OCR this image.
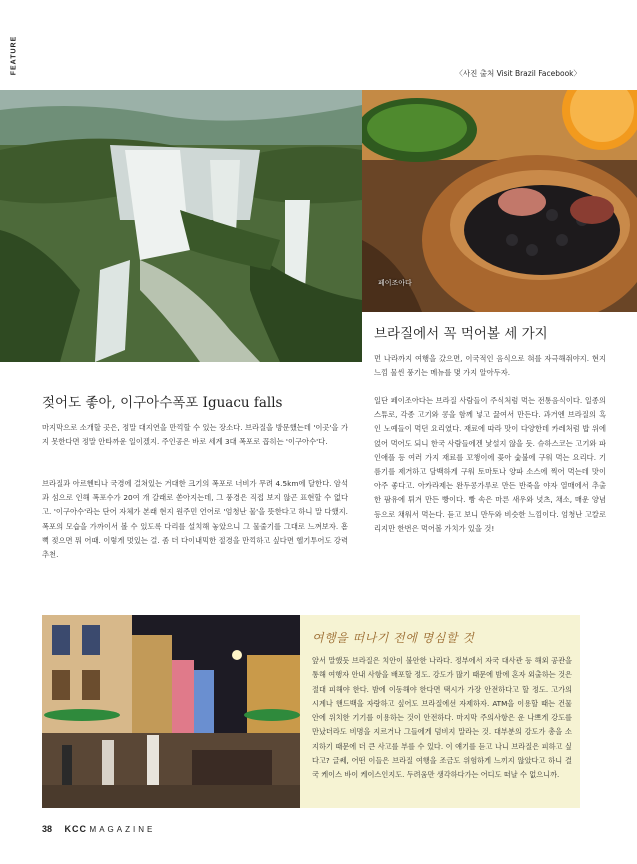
FEATURE	〈사진 출처 Visit Brazil Facebook〉
페이조아다
브라질에서 꼭 먹어볼 세 가지
먼 나라까지 여행을 갔으면, 이국적인 음식으로 혀를 자극해줘야지. 현지 느낌 물씬 풍기는 메뉴를 몇 가지 알아두자.
일단 페이조아다는 브라질 사람들이 주식처럼 먹는 전통음식이다. 일종의 스튜로, 각종 고기와 콩을 함께 넣고 끓여서 만든다. 과거엔 브라질의 흑인 노예들이 먹던 요리였다. 재료에 따라 맛이 다양한데 카레처럼 밥 위에 얹어 먹어도 되니 한국 사람들에겐 낯설지 않을 듯. 슈하스코는 고기와 파인애플 등 여러 가지 재료를 꼬챙이에 꽂아 숯불에 구워 먹는 요리다. 기름기를 제거하고 담백하게 구워 토마토나 양파 소스에 찍어 먹는데 맛이 아주 좋다고. 아카라제는 완두콩가루로 만든 반죽을 야자 열매에서 추출한 팜유에 튀겨 만든 빵이다. 빵 속은 마른 새우와 넛츠, 채소, 매운 양념 등으로 채워서 먹는다. 듣고 보니 만두와 비슷한 느낌이다. 엄청난 고칼로리지만 한번은 먹어볼 가치가 있을 것!
젖어도 좋아, 이구아수폭포 Iguacu falls
마지막으로 소개할 곳은, 정말 대지연을 만끽할 수 있는 장소다. 브라질을 방문했는데 '이곳'을 가지 못한다면 정말 안타까운 일이겠지. 주인공은 바로 세계 3대 폭포로 꼽히는 '이구아수'다.
브라질과 아르헨티나 국경에 걸쳐있는 거대한 크기의 폭포로 너비가 무려 4.5km에 달한다. 암석과 섬으로 인해 폭포수가 20여 개 갈래로 쏟아지는데, 그 풍경은 직접 보지 않곤 표현할 수 없다고. '이구아수'라는 단어 자체가 본래 현지 원주민 언어로 '엄청난 물'을 뜻한다고 하니 말 다했지. 폭포의 모습을 가까이서 볼 수 있도록 다리를 설치해 놓았으니 그 물줄기를 그대로 느껴보자. 흠뻑 젖으면 뭐 어때. 이렇게 멋있는 걸. 좀 더 다이내믹한 절경을 만끽하고 싶다면 헬기투어도 강력추천.
여행을 떠나기 전에 명심할 것
앞서 말했듯 브라질은 치안이 불안한 나라다. 정부에서 자국 대사관 등 해외 공관을 통해 여행자 안내 사항을 배포할 정도. 강도가 많기 때문에 밤에 혼자 외출하는 것은 절대 피해야 한다. 밤에 이동해야 한다면 택시가 가장 안전하다고 할 정도. 고가의 시계나 핸드백을 자랑하고 싶어도 브라질에선 자제하자. ATM을 이용할 때는 건물 안에 위치한 기기를 이용하는 것이 안전하다. 마지막 주의사항은 운 나쁘게 강도를 만났더라도 비명을 지르거나 그들에게 덤비지 말라는 것. 대부분의 강도가 총을 소지하기 때문에 더 큰 사고를 부를 수 있다. 이 얘기를 듣고 나니 브라질은 피하고 싶다고? 글쎄, 어떤 이들은 브라질 여행을 조금도 위험하게 느끼지 않았다고 하니 결국 케이스 바이 케이스인지도. 두려움만 생각하다가는 어디도 떠날 수 없으니까.
38 KCC MAGAZINE
